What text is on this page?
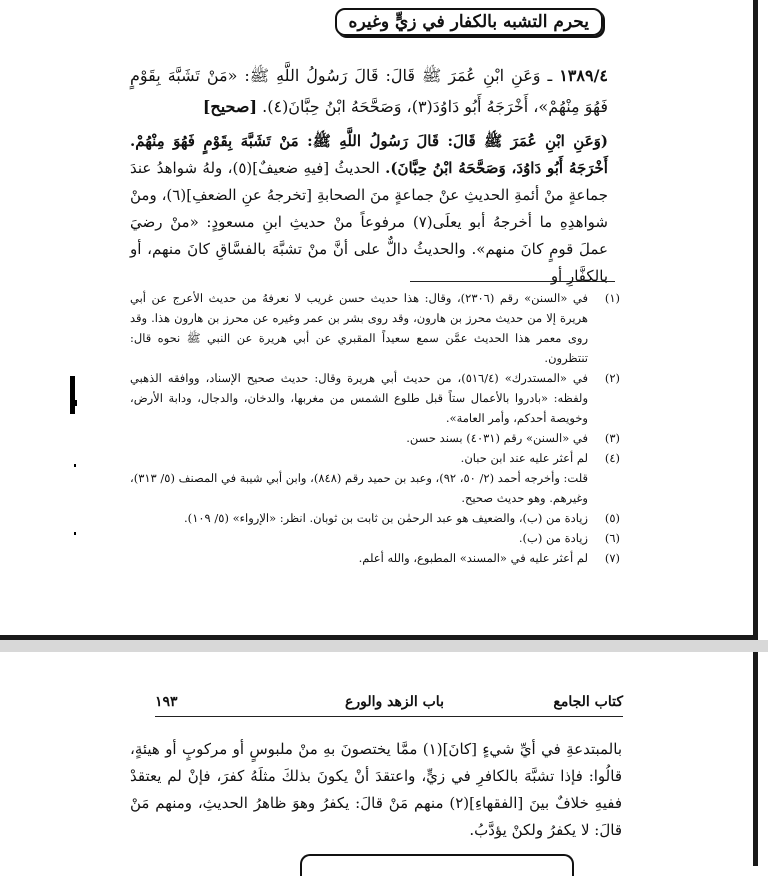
يحرم التشبه بالكفار في زيٍّ وغيره
١٣٨٩/٤ ـ وَعَنِ ابْنِ عُمَرَ ﷺ قَالَ: قَالَ رَسُولُ اللَّهِ ﷺ: «مَنْ تَشَبَّهَ بِقَوْمٍ فَهُوَ مِنْهُمْ»، أَخْرَجَهُ أَبُو دَاوُدَ(٣)، وَصَحَّحَهُ ابْنُ حِبَّانَ(٤). [صحيح]
(وَعَنِ ابْنِ عُمَرَ ﷺ قَالَ: قَالَ رَسُولُ اللَّهِ ﷺ: مَنْ تَشَبَّهَ بِقَوْمٍ فَهُوَ مِنْهُمْ. أَخْرَجَهُ أَبُو دَاوُدَ، وَصَحَّحَهُ ابْنُ حِبَّانَ). الحديثُ [فيهِ ضعيفٌ](٥)، ولهُ شواهدُ عندَ جماعةٍ منْ أئمةِ الحديثِ عنْ جماعةٍ منَ الصحابةِ [تخرجهُ عنِ الضعفِ](٦)، ومنْ شواهدِهِ ما أخرجهُ أبو يعلَى(٧) مرفوعاً منْ حديثِ ابنِ مسعودٍ: «منْ رضيَ عملَ قومٍ كانَ منهم». والحديثُ دالٌّ على أنَّ منْ تشبَّهَ بالفسَّاقِ كانَ منهم، أو بالكفَّارِ أو
(١)
في «السنن» رقم (٢٣٠٦)، وقال: هذا حديث حسن غريب لا نعرفهُ من حديث الأعرج عن أبي هريرة إلا من حديث محرز بن هارون، وقد روى بشر بن عمر وغيره عن محرز بن هارون هذا. وقد روى معمر هذا الحديث عمَّن سمع سعيداً المقبري عن أبي هريرة عن النبي ﷺ نحوه قال: تنتظرون.
(٢)
في «المستدرك» (٥١٦/٤)، من حديث أبي هريرة وقال: حديث صحيح الإسناد، ووافقه الذهبي ولفظه: «بادروا بالأعمال ستاً قبل طلوع الشمس من مغربها، والدخان، والدجال، ودابة الأرض، وخويصة أحدكم، وأمر العامة».
(٣)
في «السنن» رقم (٤٠٣١) بسند حسن.
(٤)
لم أعثر عليه عند ابن حبان.
قلت: وأخرجه أحمد (٢/ ٥٠، ٩٢)، وعبد بن حميد رقم (٨٤٨)، وابن أبي شيبة في المصنف (٥/ ٣١٣)، وغيرهم. وهو حديث صحيح.
(٥)
زيادة من (ب)، والضعيف هو عبد الرحمٰن بن ثابت بن ثوبان. انظر: «الإرواء» (٥/ ١٠٩).
(٦)
زيادة من (ب).
(٧)
لم أعثر عليه في «المسند» المطبوع، والله أعلم.
١٩٣	باب الزهد والورع	كتاب الجامع
بالمبتدعةِ في أيِّ شيءٍ [كانَ](١) ممَّا يختصونَ بهِ منْ ملبوسٍ أو مركوبٍ أو هيئةٍ، قالُوا: فإذا تشبَّهَ بالكافرِ في زيٍّ، واعتقدَ أنْ يكونَ بذلكَ مثلَهُ كفرَ، فإنْ لم يعتقدْ ففيهِ خلافٌ بينَ [الفقهاءِ](٢) منهم مَنْ قالَ: يكفرُ وهوَ ظاهرُ الحديثِ، ومنهم مَنْ قالَ: لا يكفرُ ولكنْ يؤدَّبُ.
